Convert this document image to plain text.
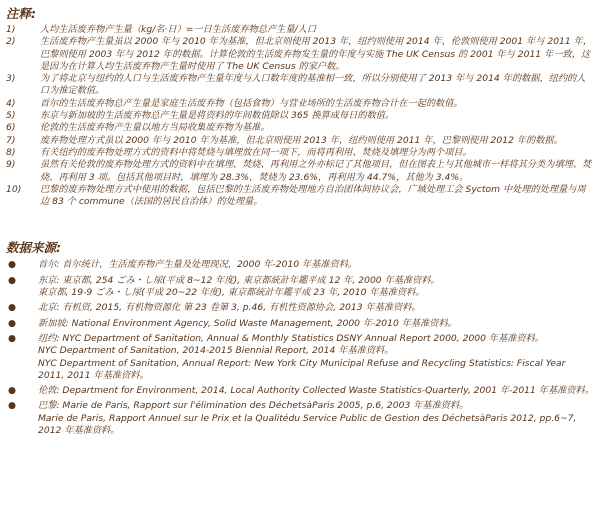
注释:
1)	人均生活废弃物产生量（kg/名·日）=一日生活废弃物总产生量/人口
2)	生活废弃物产生量虽以 2000 年与 2010 年为基准，但北京则使用 2013 年，纽约则使用 2014 年，伦敦则使用 2001 年与 2011 年，巴黎则使用 2003 年与 2012 年的数据。计算伦敦的生活废弃物发生量的年度与实施 The UK Census 的 2001 年与 2011 年一致，这是因为在计算人均生活废弃物产生量时使用了 The UK Census 的家户数。
3)	为了将北京与纽约的人口与生活废弃物产生量年度与人口数年度的基准相一致，所以分别使用了 2013 年与 2014 年的数据，纽约的人口为推定数值。
4)	首尔的生活废弃物总产生量是家庭生活废弃物（包括食物）与营业场所的生活废弃物合计在一起的数值。
5)	东京与新加坡的生活废弃物总产生量是将资料的年间数值除以 365 换算成每日的数值。
6)	伦敦的生活废弃物产生量以地方当局收集废弃物为基准。
7)	废弃物处理方式虽以 2000 年与 2010 年为基准，但北京则使用 2013 年，纽约则使用 2011 年，巴黎则使用 2012 年的数据。
8)	有关纽约的废弃物处理方式的资料中将焚烧与填埋放在同一项下，而将再利用、焚烧及填埋分为两个项目。
9)	虽然有关伦敦的废弃物处理方式的资料中在填埋、焚烧、再利用之外亦标记了其他项目，但在图表上与其他城市一样将其分类为填埋、焚烧、再利用 3 项。包括其他项目时，填埋为 28.3%，焚烧为 23.6%，再利用为 44.7%，其他为 3.4%。
10)	巴黎的废弃物处理方式中使用的数据，包括巴黎的生活废弃物处理地方自治团体间协议会，广域处理工会 Syctom 中处理的处理量与周边 83 个 commune（法国的居民自治体）的处理量。
数据来源:
●	首尔: 首尔统计，生活废弃物产生量及处理现况，2000 年-2010 年基准资料。
●	东京: 東京都, 254 ごみ・し尿(平成 8~12 年度), 東京都統計年鑑平成 12 年, 2000 年基准资料。
東京都, 19-9 ごみ・し尿(平成 20~22 年度), 東京都統計年鑑平成 23 年, 2010 年基准资料。
●	北京: 有机资, 2015, 有机物资源化 第 23 卷第 3, p.46, 有机性资源协会, 2013 年基准资料。
●	新加坡: National Environment Agency, Solid Waste Management, 2000 年-2010 年基准资料。
●	纽约: NYC Department of Sanitation, Annual & Monthly Statistics DSNY Annual Report 2000, 2000 年基准资料。
NYC Department of Sanitation, 2014-2015 Biennial Report, 2014 年基准资料。
NYC Department of Sanitation, Annual Report: New York City Municipal Refuse and Recycling Statistics: Fiscal Year 2011, 2011 年基准资料。
●	伦敦: Department for Environment, 2014, Local Authority Collected Waste Statistics-Quarterly, 2001 年-2011 年基准资料。
●	巴黎: Marie de Paris, Rapport sur l'élimination des DéchetsàParis 2005, p.6, 2003 年基准资料。
Marie de Paris, Rapport Annuel sur le Prix et la Qualitédu Service Public de Gestion des DéchetsàParis 2012, pp.6~7, 2012 年基准资料。
